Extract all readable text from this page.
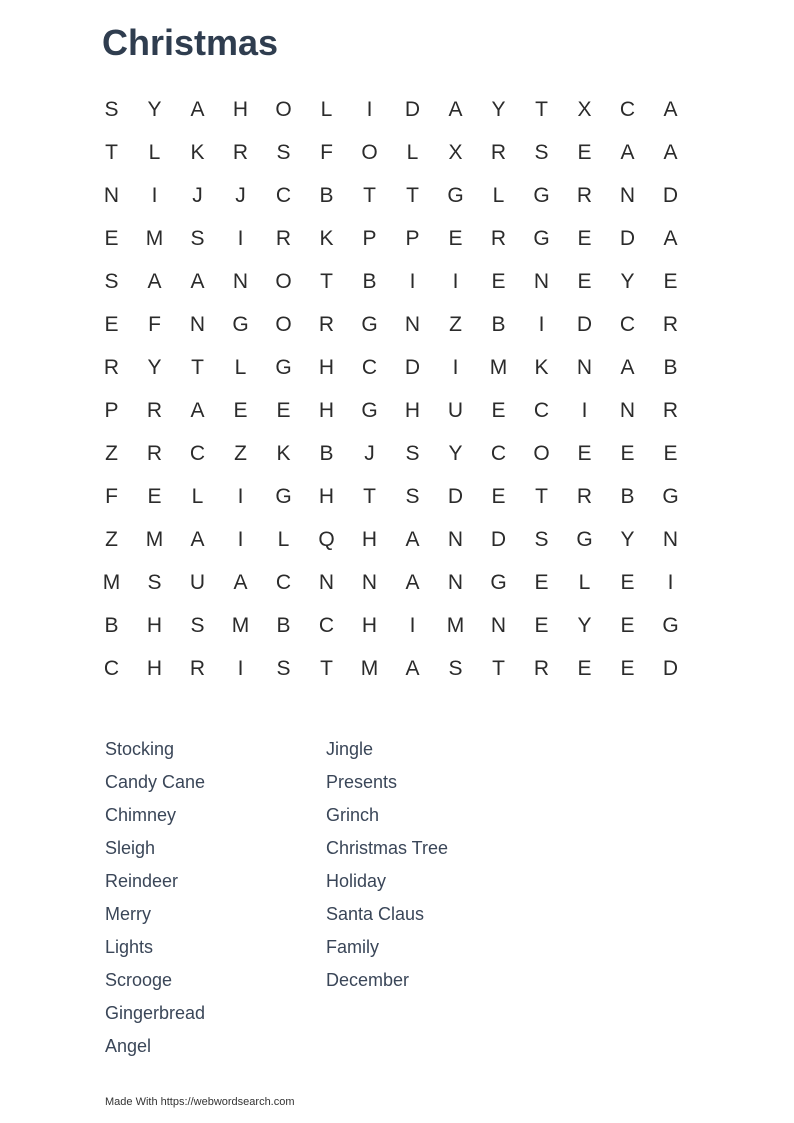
Christmas
S	Y	A	H	O	L	I	D	A	Y	T	X	C	A
T	L	K	R	S	F	O	L	X	R	S	E	A	A
N	I	J	J	C	B	T	T	G	L	G	R	N	D
E	M	S	I	R	K	P	P	E	R	G	E	D	A
S	A	A	N	O	T	B	I	I	E	N	E	Y	E
E	F	N	G	O	R	G	N	Z	B	I	D	C	R
R	Y	T	L	G	H	C	D	I	M	K	N	A	B
P	R	A	E	E	H	G	H	U	E	C	I	N	R
Z	R	C	Z	K	B	J	S	Y	C	O	E	E	E
F	E	L	I	G	H	T	S	D	E	T	R	B	G
Z	M	A	I	L	Q	H	A	N	D	S	G	Y	N
M	S	U	A	C	N	N	A	N	G	E	L	E	I
B	H	S	M	B	C	H	I	M	N	E	Y	E	G
C	H	R	I	S	T	M	A	S	T	R	E	E	D
Stocking
Candy Cane
Chimney
Sleigh
Reindeer
Merry
Lights
Scrooge
Gingerbread
Angel
Jingle
Presents
Grinch
Christmas Tree
Holiday
Santa Claus
Family
December
Made With https://webwordsearch.com
